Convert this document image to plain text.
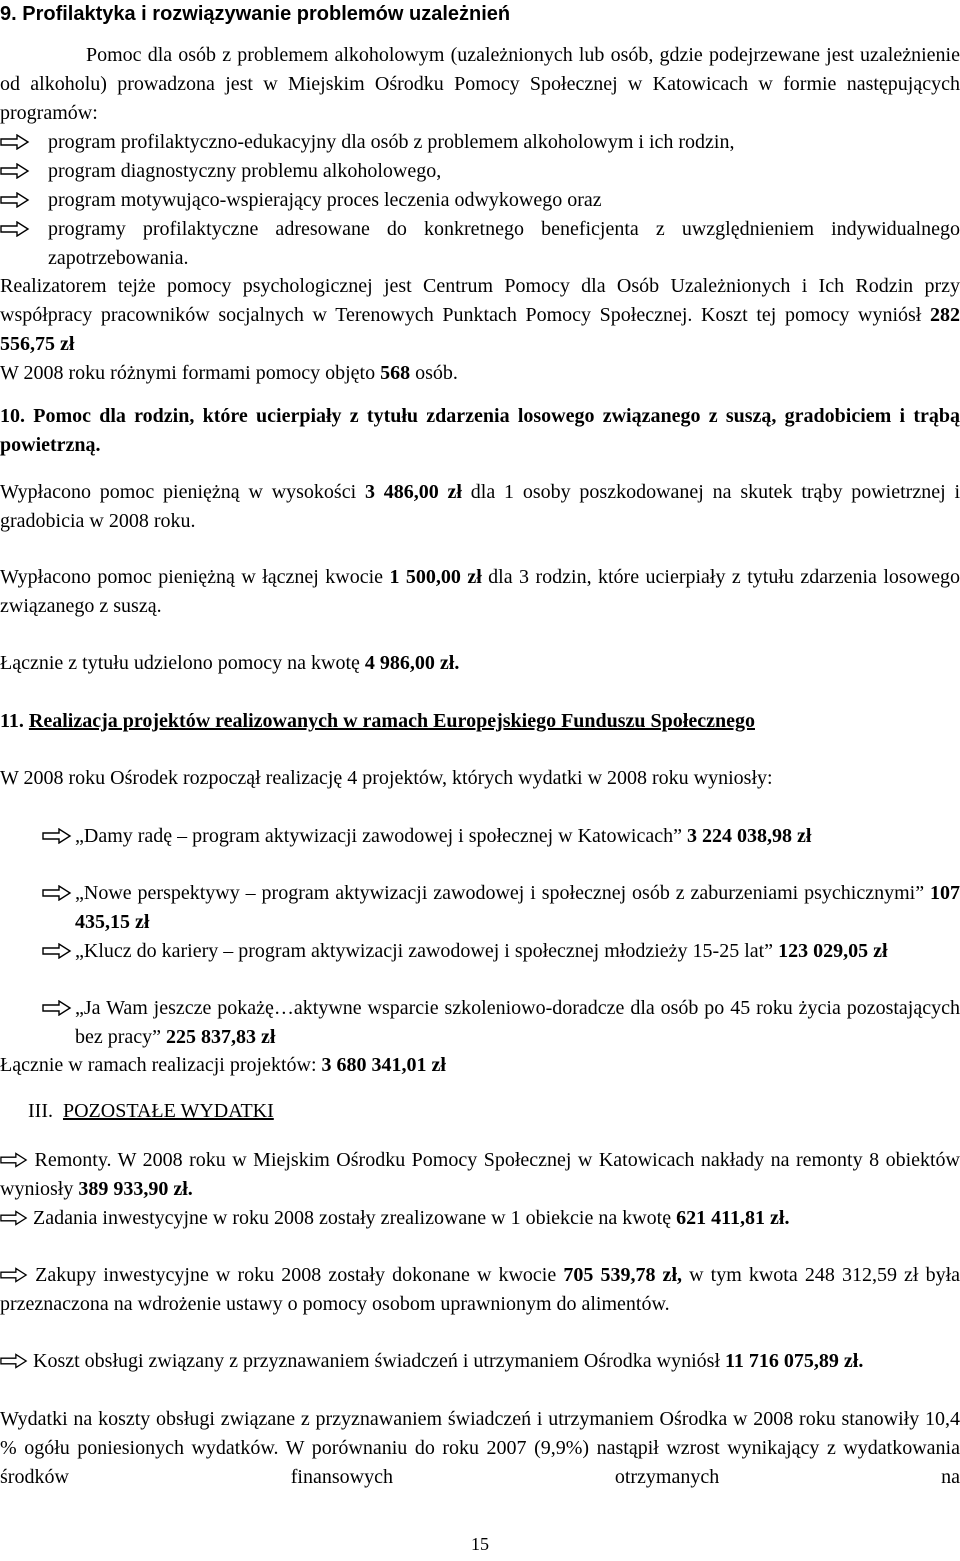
9. Profilaktyka i rozwiązywanie problemów uzależnień

Pomoc dla osób z problemem alkoholowym (uzależnionych lub osób, gdzie podejrzewane jest uzależnienie od alkoholu) prowadzona jest w Miejskim Ośrodku Pomocy Społecznej w Katowicach w formie następujących programów:

program profilaktyczno-edukacyjny dla osób z problemem alkoholowym i ich rodzin,
program diagnostyczny problemu alkoholowego,
program motywująco-wspierający proces leczenia odwykowego oraz
programy profilaktyczne adresowane do konkretnego beneficjenta z uwzględnieniem indywidualnego zapotrzebowania.

Realizatorem tejże pomocy psychologicznej jest Centrum Pomocy dla Osób Uzależnionych i Ich Rodzin przy współpracy pracowników socjalnych w Terenowych Punktach Pomocy Społecznej. Koszt tej pomocy wyniósł 282 556,75 zł

W 2008 roku różnymi formami pomocy objęto 568 osób.

10. Pomoc dla rodzin, które ucierpiały z tytułu zdarzenia losowego związanego z suszą, gradobiciem i trąbą powietrzną.

Wypłacono pomoc pieniężną w wysokości 3 486,00 zł dla 1 osoby poszkodowanej na skutek trąby powietrznej i gradobicia w 2008 roku.

Wypłacono pomoc pieniężną w łącznej kwocie 1 500,00 zł dla 3 rodzin, które ucierpiały z tytułu zdarzenia losowego związanego z suszą.

Łącznie z tytułu udzielono pomocy na kwotę 4 986,00 zł.

11. Realizacja projektów realizowanych w ramach Europejskiego Funduszu Społecznego

W 2008 roku Ośrodek rozpoczął realizację 4 projektów, których wydatki w 2008 roku wyniosły:

„Damy radę – program aktywizacji zawodowej i społecznej w Katowicach” 3 224 038,98 zł
„Nowe perspektywy – program aktywizacji zawodowej i społecznej osób z zaburzeniami psychicznymi” 107 435,15 zł
„Klucz do kariery – program aktywizacji zawodowej i społecznej młodzieży 15-25 lat” 123 029,05 zł
„Ja Wam jeszcze pokażę…aktywne wsparcie szkoleniowo-doradcze dla osób po 45 roku życia pozostających bez pracy” 225 837,83 zł

Łącznie w ramach realizacji projektów: 3 680 341,01 zł

III. POZOSTAŁE WYDATKI

Remonty. W 2008 roku w Miejskim Ośrodku Pomocy Społecznej w Katowicach nakłady na remonty 8 obiektów wyniosły 389 933,90 zł.

Zadania inwestycyjne w roku 2008 zostały zrealizowane w 1 obiekcie na kwotę 621 411,81 zł.

Zakupy inwestycyjne w roku 2008 zostały dokonane w kwocie 705 539,78 zł, w tym kwota 248 312,59 zł była przeznaczona na wdrożenie ustawy o pomocy osobom uprawnionym do alimentów.

Koszt obsługi związany z przyznawaniem świadczeń i utrzymaniem Ośrodka wyniósł 11 716 075,89 zł.

Wydatki na koszty obsługi związane z przyznawaniem świadczeń i utrzymaniem Ośrodka w 2008 roku stanowiły 10,4 % ogółu poniesionych wydatków. W porównaniu do roku 2007 (9,9%) nastąpił wzrost wynikający z wydatkowania środków finansowych otrzymanych na

15
